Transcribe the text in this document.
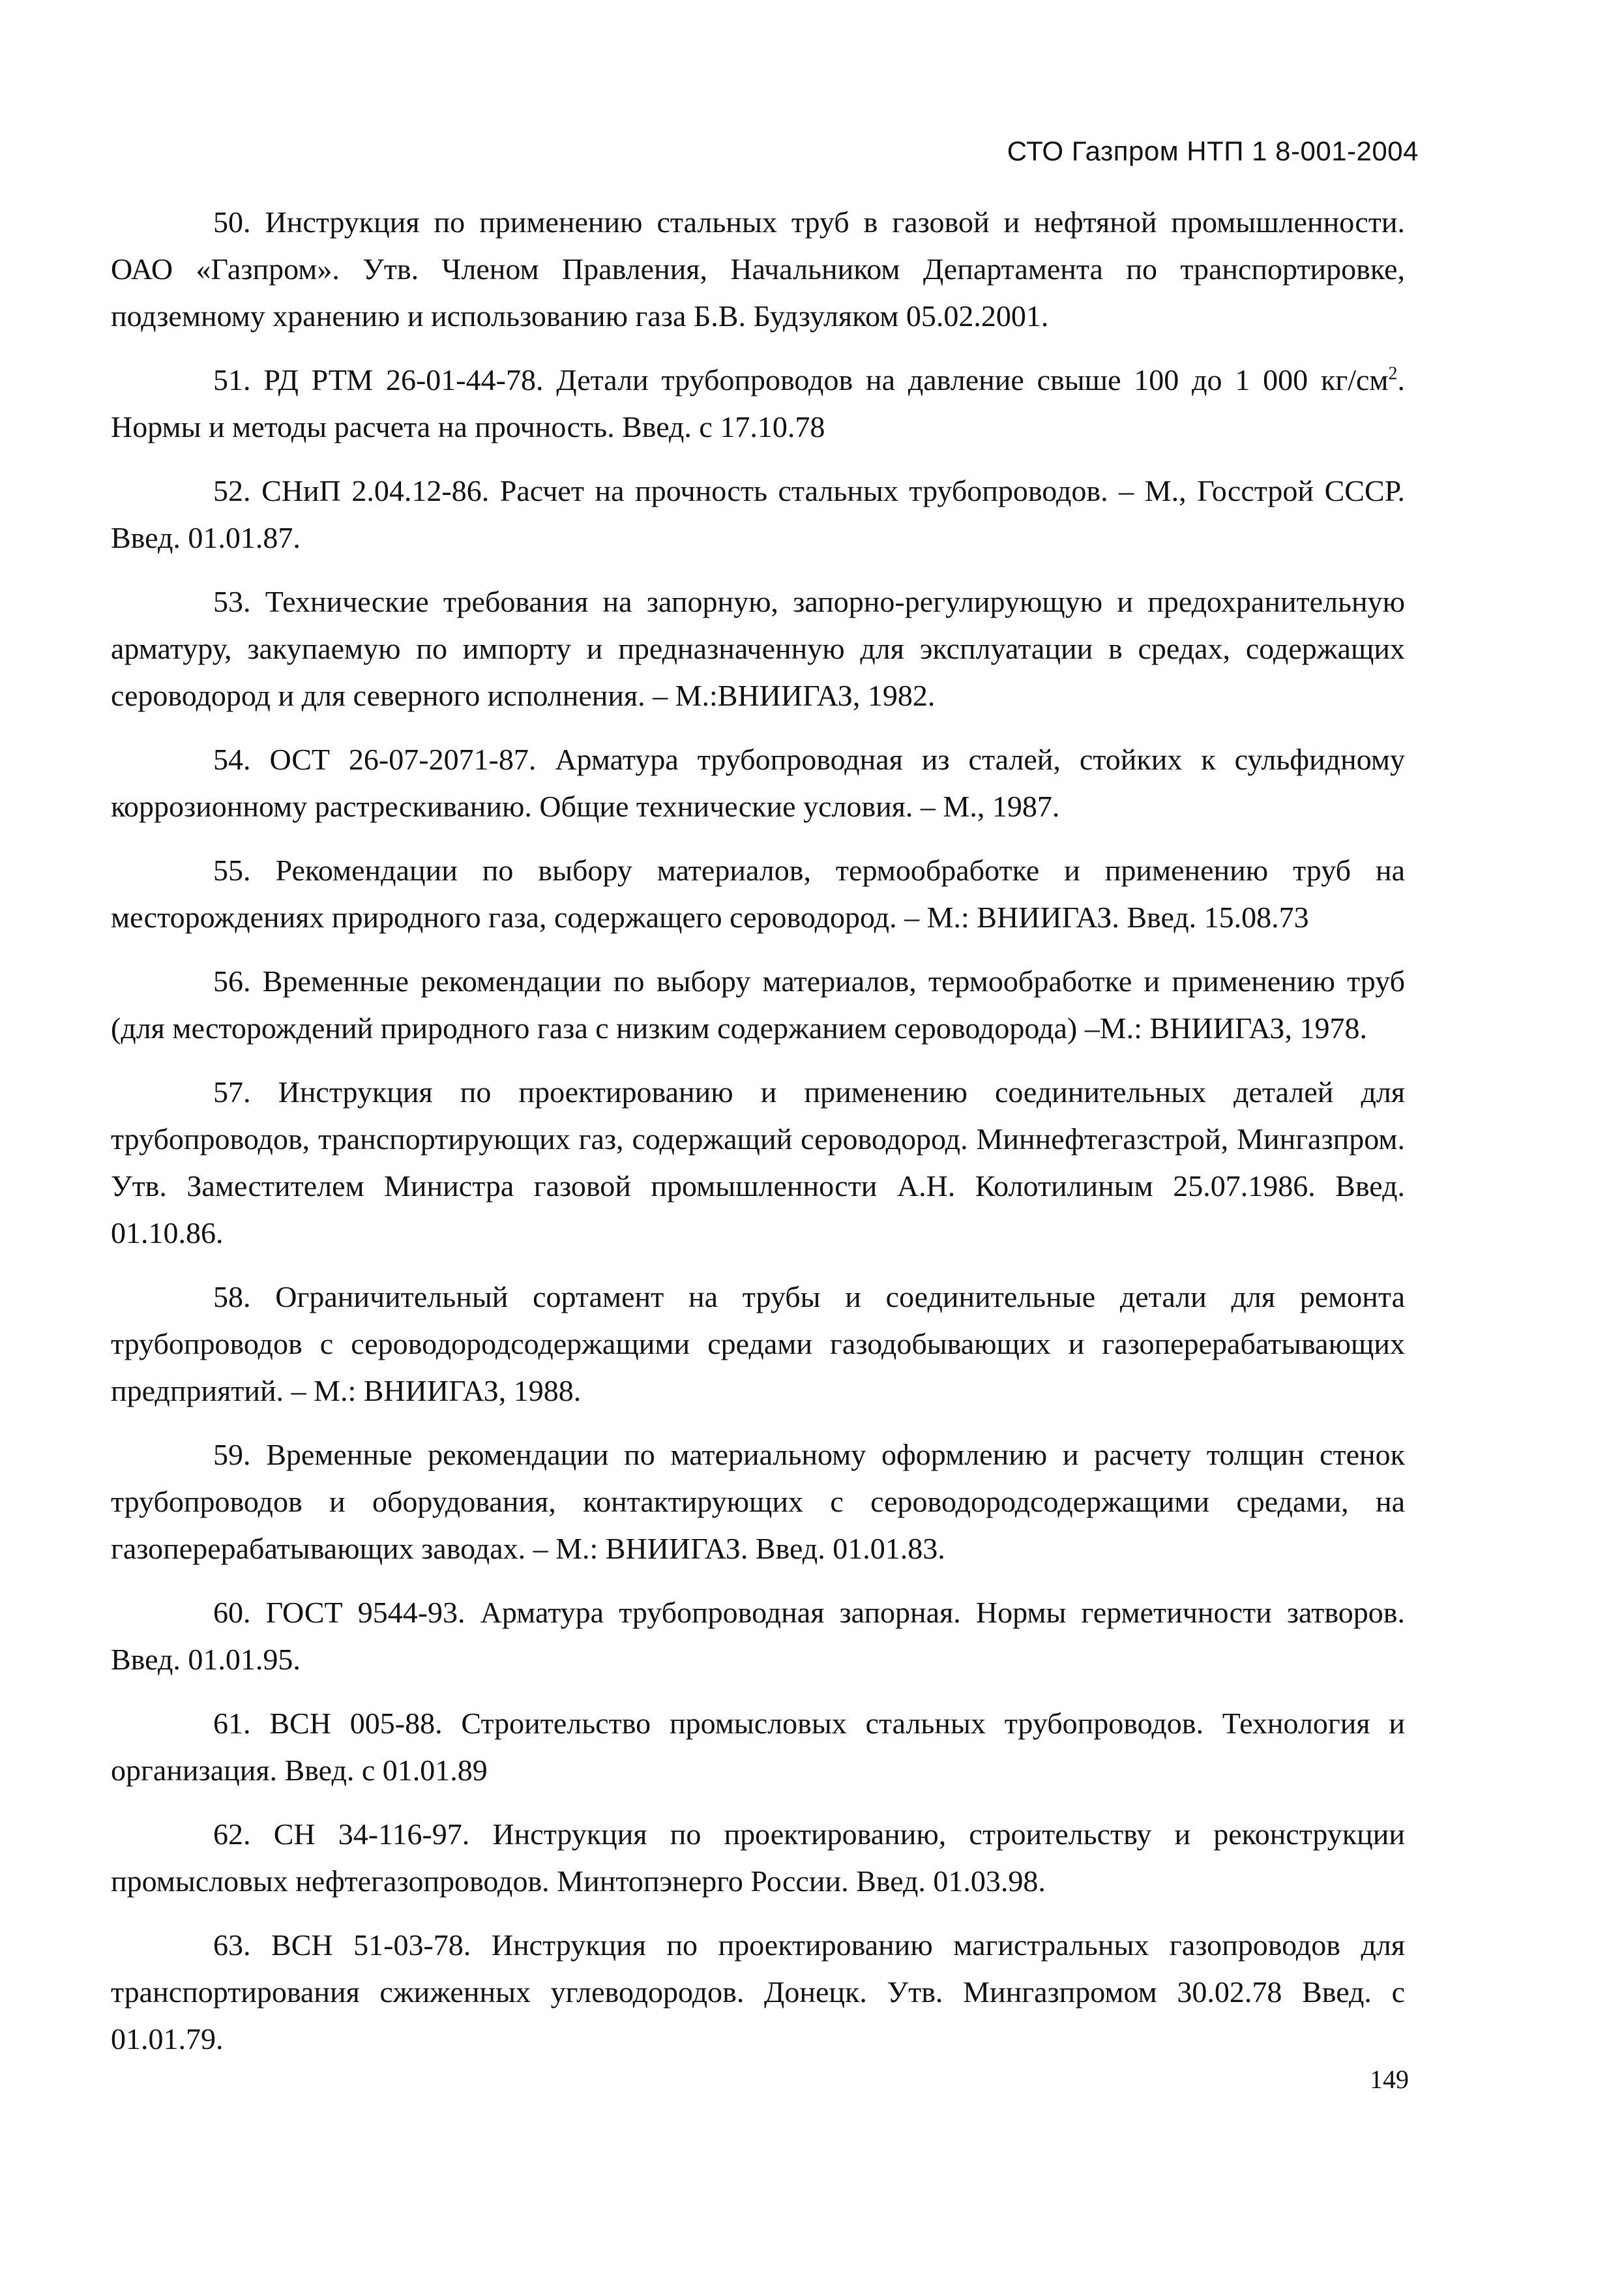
СТО Газпром НТП 1 8-001-2004

50. Инструкция по применению стальных труб в газовой и нефтяной промышленности. ОАО «Газпром». Утв. Членом Правления, Начальником Департамента по транспортировке, подземному хранению и использованию газа Б.В. Будзуляком 05.02.2001.

51. РД РТМ 26-01-44-78. Детали трубопроводов на давление свыше 100 до 1 000 $кг/см^2$. Нормы и методы расчета на прочность. Введ. с 17.10.78

52. СНиП 2.04.12-86. Расчет на прочность стальных трубопроводов. – М., Госстрой СССР. Введ. 01.01.87.

53. Технические требования на запорную, запорно-регулирующую и предохранительную арматуру, закупаемую по импорту и предназначенную для эксплуатации в средах, содержащих сероводород и для северного исполнения. – М.:ВНИИГАЗ, 1982.

54. ОСТ 26-07-2071-87. Арматура трубопроводная из сталей, стойких к сульфидному коррозионному растрескиванию. Общие технические условия. – М., 1987.

55. Рекомендации по выбору материалов, термообработке и применению труб на месторождениях природного газа, содержащего сероводород. – М.: ВНИИГАЗ. Введ. 15.08.73

56. Временные рекомендации по выбору материалов, термообработке и применению труб (для месторождений природного газа с низким содержанием сероводорода) –М.: ВНИИГАЗ, 1978.

57. Инструкция по проектированию и применению соединительных деталей для трубопроводов, транспортирующих газ, содержащий сероводород. Миннефтегазстрой, Мингазпром. Утв. Заместителем Министра газовой промышленности А.Н. Колотилиным 25.07.1986. Введ. 01.10.86.

58. Ограничительный сортамент на трубы и соединительные детали для ремонта трубопроводов с сероводородсодержащими средами газодобывающих и газоперерабатывающих предприятий. – М.: ВНИИГАЗ, 1988.

59. Временные рекомендации по материальному оформлению и расчету толщин стенок трубопроводов и оборудования, контактирующих с сероводородсодержащими средами, на газоперерабатывающих заводах. – М.: ВНИИГАЗ. Введ. 01.01.83.

60. ГОСТ 9544-93. Арматура трубопроводная запорная. Нормы герметичности затворов. Введ. 01.01.95.

61. ВСН 005-88. Строительство промысловых стальных трубопроводов. Технология и организация. Введ. с 01.01.89

62. СН 34-116-97. Инструкция по проектированию, строительству и реконструкции промысловых нефтегазопроводов. Минтопэнерго России. Введ. 01.03.98.

63. ВСН 51-03-78. Инструкция по проектированию магистральных газопроводов для транспортирования сжиженных углеводородов. Донецк. Утв. Мингазпромом 30.02.78 Введ. с 01.01.79.

149
